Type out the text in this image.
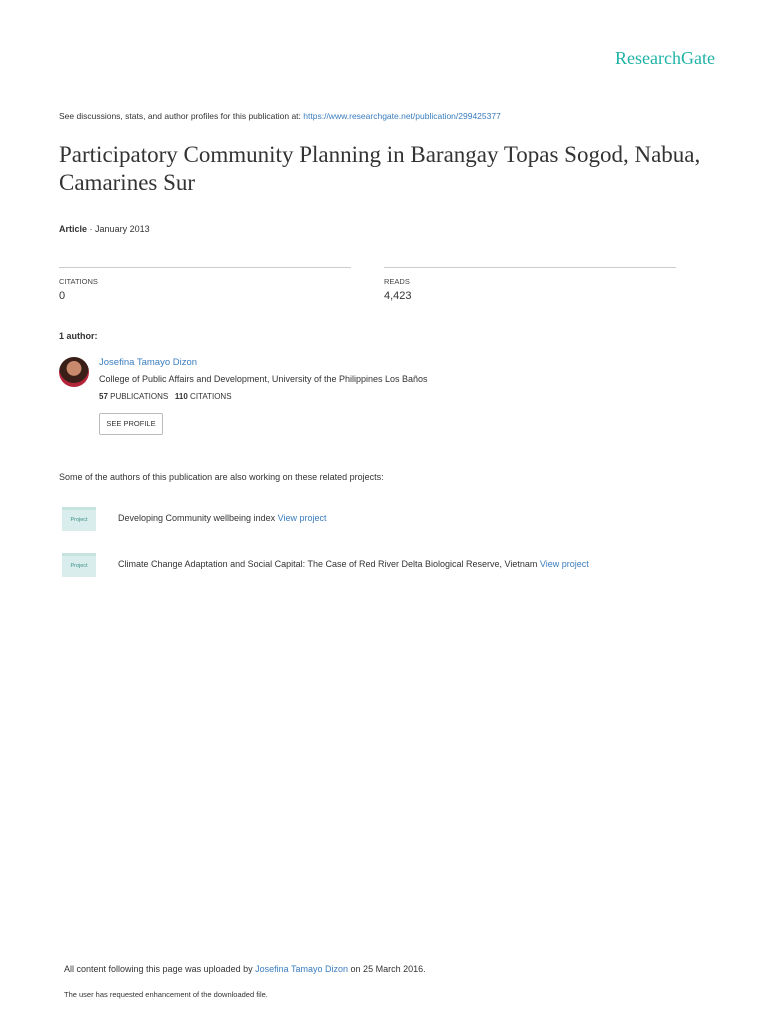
ResearchGate
See discussions, stats, and author profiles for this publication at: https://www.researchgate.net/publication/299425377
Participatory Community Planning in Barangay Topas Sogod, Nabua, Camarines Sur
Article · January 2013
CITATIONS
0
READS
4,423
1 author:
Josefina Tamayo Dizon
College of Public Affairs and Development, University of the Philippines Los Baños
57 PUBLICATIONS 110 CITATIONS
SEE PROFILE
Some of the authors of this publication are also working on these related projects:
Project	Developing Community wellbeing index View project
Project	Climate Change Adaptation and Social Capital: The Case of Red River Delta Biological Reserve, Vietnam View project
All content following this page was uploaded by Josefina Tamayo Dizon on 25 March 2016.
The user has requested enhancement of the downloaded file.
